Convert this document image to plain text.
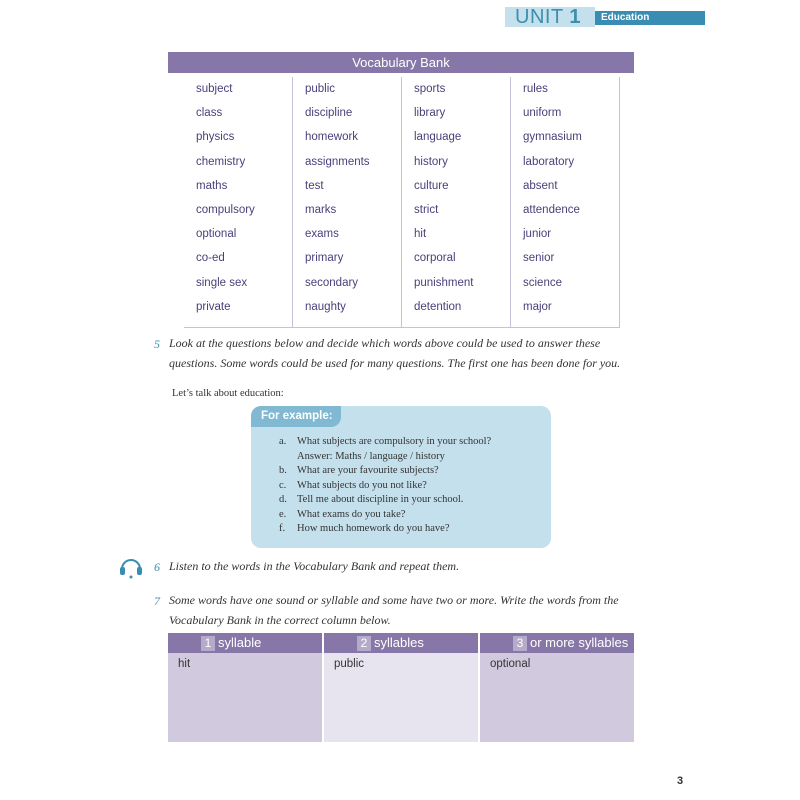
UNIT 1	Education
Vocabulary Bank
subject
class
physics
chemistry
maths
compulsory
optional
co-ed
single sex
private
public
discipline
homework
assignments
test
marks
exams
primary
secondary
naughty
sports
library
language
history
culture
strict
hit
corporal
punishment
detention
rules
uniform
gymnasium
laboratory
absent
attendence
junior
senior
science
major
5 Look at the questions below and decide which words above could be used to answer these
questions. Some words could be used for many questions. The first one has been done for you.
Let’s talk about education:
For example:
a. What subjects are compulsory in your school?
Answer: Maths / language / history
b. What are your favourite subjects?
c. What subjects do you not like?
d. Tell me about discipline in your school.
e. What exams do you take?
f. How much homework do you have?
6 Listen to the words in the Vocabulary Bank and repeat them.
7 Some words have one sound or syllable and some have two or more. Write the words from the
Vocabulary Bank in the correct column below.
1 syllable
hit
2 syllables
public
3 or more syllables
optional
3
